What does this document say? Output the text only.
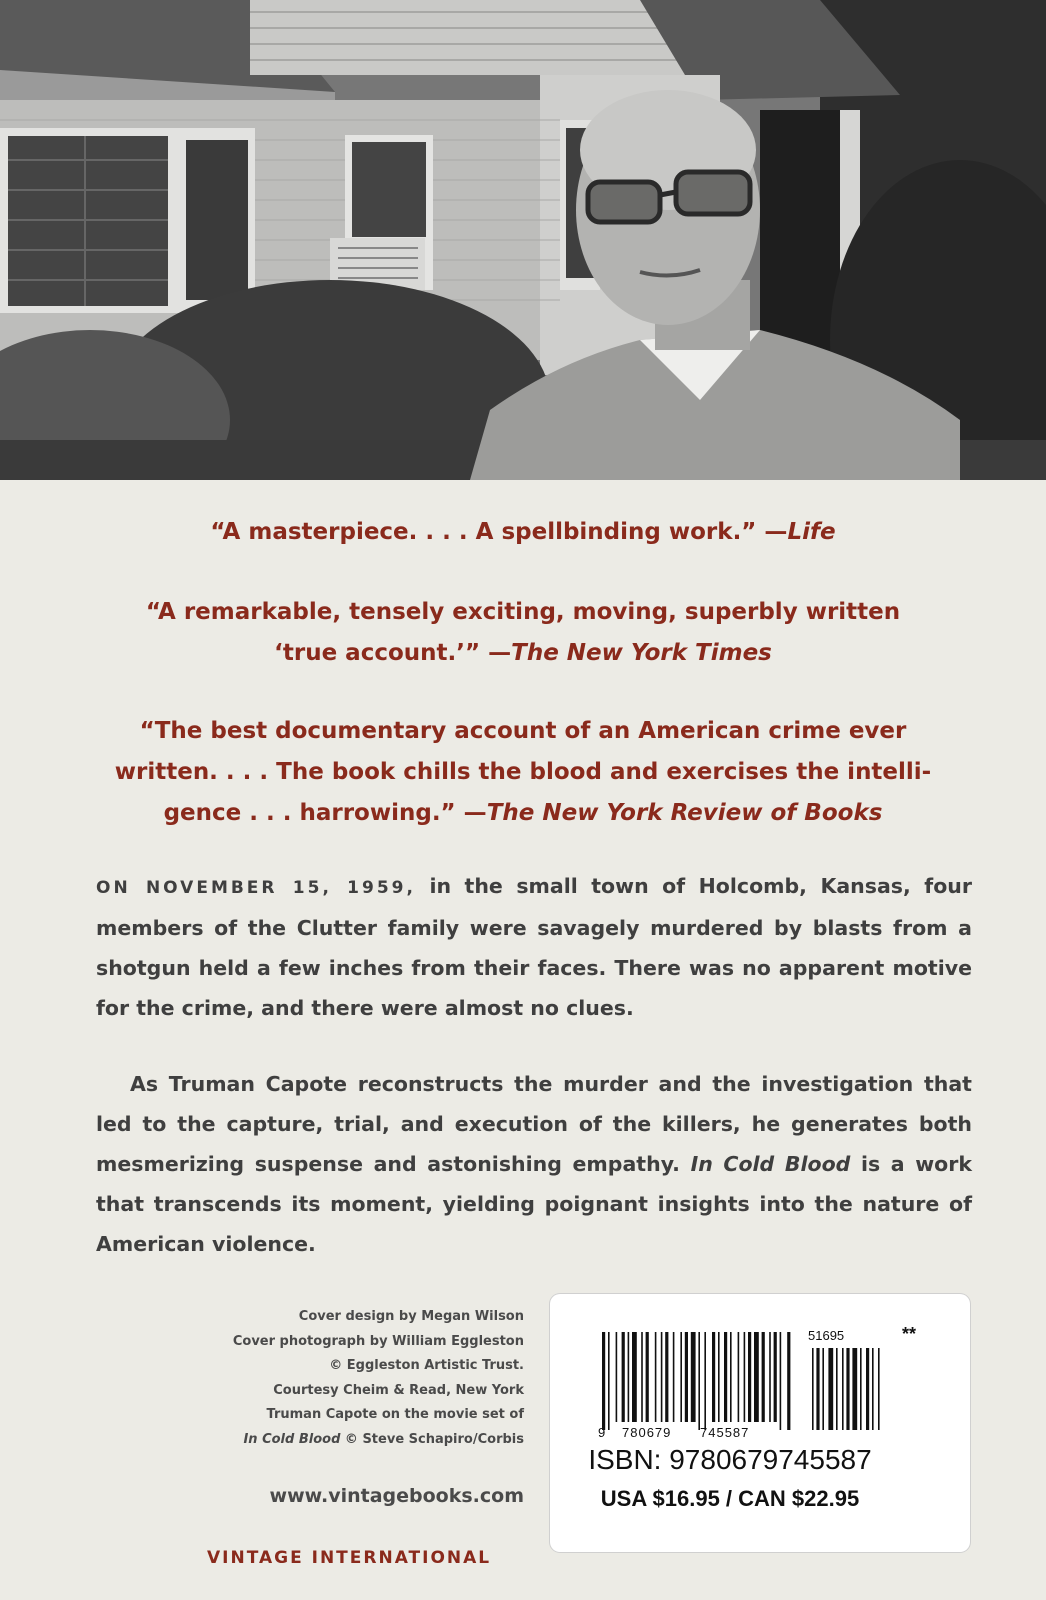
“A masterpiece. . . . A spellbinding work.” —Life
“A remarkable, tensely exciting, moving, superbly written
‘true account.’” —The New York Times
“The best documentary account of an American crime ever
written. . . . The book chills the blood and exercises the intelli-
gence . . . harrowing.” —The New York Review of Books
ON NOVEMBER 15, 1959, in the small town of Holcomb, Kansas, four members of the Clutter family were savagely murdered by blasts from a shotgun held a few inches from their faces. There was no apparent motive for the crime, and there were almost no clues.
As Truman Capote reconstructs the murder and the investigation that led to the capture, trial, and execution of the killers, he generates both mesmerizing suspense and astonishing empathy. In Cold Blood is a work that transcends its moment, yielding poignant insights into the nature of American violence.
Cover design by Megan Wilson
Cover photograph by William Eggleston
© Eggleston Artistic Trust.
Courtesy Cheim & Read, New York
Truman Capote on the movie set of
In Cold Blood © Steve Schapiro/Corbis
www.vintagebooks.com
VINTAGE INTERNATIONAL
**
51695
9 780679 745587
ISBN: 9780679745587
USA $16.95 / CAN $22.95
